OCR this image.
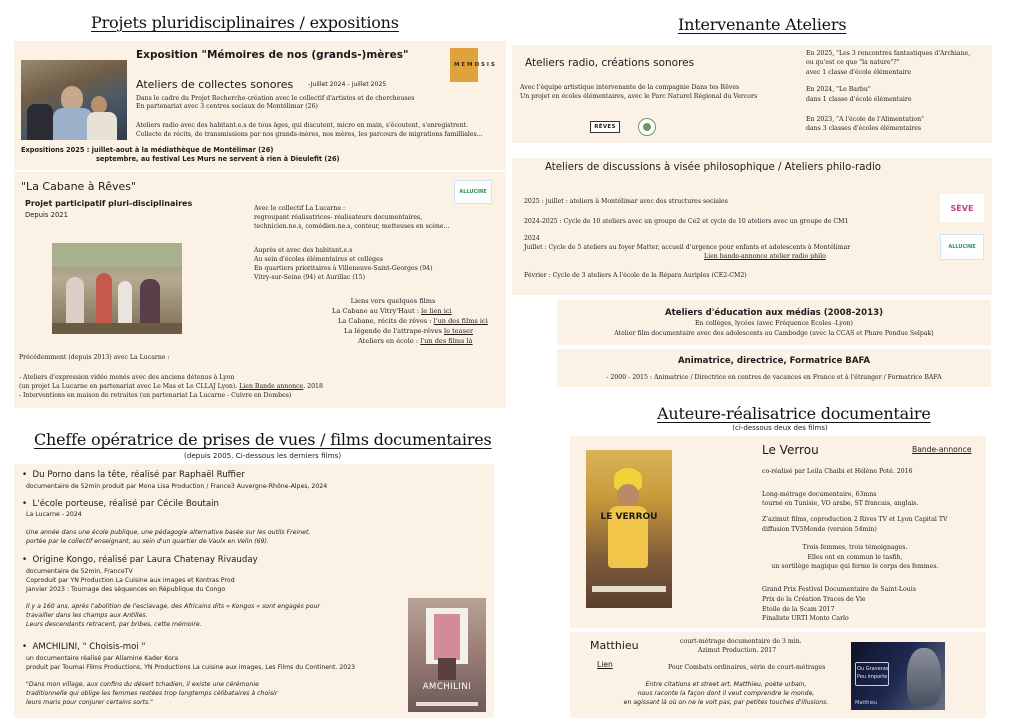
Projets pluridisciplinaires / expositions
Exposition "Mémoires de nos (grands-)mères"
M E M O S I S
Ateliers de collectes sonores -Juillet 2024 - juillet 2025
Dans le cadre du Projet Recherche-création avec le collectif d'artistes et de chercheuses
En partenariat avec 3 centres sociaux de Montélimar (26)
Ateliers radio avec des habitant.e.s de tous âges, qui discutent, micro en main, s'écoutent, s'enregistrent.
Collecte de récits, de transmissions par nos grands-mères, nos mères, les parcours de migrations familliales...
Expositions 2025 : juillet-aout à la médiathèque de Montélimar (26)
septembre, au festival Les Murs ne servent à rien à Dieulefit (26)
"La Cabane à Rêves"	ALLUCINE
Projet participatif pluri-disciplinaires
Depuis 2021
Avec le collectif La Lucarne :
regroupant réalisatrices- réalisateurs documentaires,
technicien.ne.s, comédien.ne.s, conteur, metteuses en scène...
Auprès et avec des habitant.e.s
Au sein d'écoles élémentaires et collèges
En quartiers prioritaires à Villeneuve-Saint-Georges (94)
Vitry-sur-Seine (94) et Aurillac (15)
Liens vers quelques films
La Cabane au Vitry'Haut : le lien ici
La Cabane, récits de rêves : l'un des films ici
La légende de l'attrape-rêves le teaser
Ateliers en école : l'un des films là
Précédemment (depuis 2013) avec La Lucarne :
- Ateliers d'expression vidéo menés avec des anciens détenus à Lyon
(un projet La Lucarne en partenariat avec Le Mas et Le CLLAJ Lyon). Lien Bande annonce. 2018
- Interventions en maison de retraites (un partenariat La Lucarne - Cuivre en Dombes)
Cheffe opératrice de prises de vues / films documentaires
(depuis 2005. Ci-dessous les derniers films)
•  Du Porno dans la tête, réalisé par Raphaël Ruffier
documentaire de 52min produit par Mona Lisa Production / France3 Auvergne-Rhône-Alpes, 2024
•  L'école porteuse, réalisé par Cécile Boutain
La Lucarne - 2024
Une année dans une école publique, une pédagogie alternative basée sur les outils Freinet,
portée par le collectif enseignant, au sein d'un quartier de Vaulx en Velin (69).
•  Origine Kongo, réalisé par Laura Chatenay Rivauday
documentaire de 52min, FranceTV
Coproduit par YN Production La Cuisine aux images et Kontras Prod
Janvier 2023 : Tournage des séquences en République du Congo
Il y a 160 ans, après l'abolition de l'esclavage, des Africains dits « Kongos » sont engagés pour
travailler dans les champs aux Antilles.
Leurs descendants retracent, par bribes, cette mémoire.
•  AMCHILINI, " Choisis-moi "
un documentaire réalisé par Allamine Kader Kora
produit par Toumai Films Productions, YN Productions La cuisine aux images, Les Films du Continent. 2023
"Dans mon village, aux confins du désert tchadien, il existe une cérémonie
traditionnelle qui oblige les femmes restées trop longtemps célibataires à choisir
leurs maris pour conjurer certains sorts."
AMCHILINI
Intervenante Ateliers
Ateliers radio, créations sonores
Avec l'équipe artistique intervenante de la compagnie Dans tes Rêves
Un projet en écoles élémentaires, avec le Parc Naturel Régional du Vercors
RÊVES
En 2025, "Les 3 rencontres fantastiques d'Archiane,
ou qu'est ce que "la nature"?"
avec 1 classe d'école élémentaire
En 2024, "Le Barbu"
dans 1 classe d'école élémentaire
En 2023, "A l'école de l'Alimentation"
dans 3 classes d'écoles élémentaires
Ateliers de discussions à visée philosophique / Ateliers philo-radio
SÈVE
ALLUCINE
2025 : juillet : ateliers à Montélimar avec des structures sociales
2024-2025 : Cycle de 10 ateliers avec un groupe de Ce2 et cycle de 10 ateliers avec un groupe de CM1
2024
Juillet : Cycle de 5 ateliers au foyer Matter, accueil d'urgence pour enfants et adolescents à Montélimar
Lien bande-annonce atelier radio philo
Février : Cycle de 3 ateliers A l'école de la Répara Auriples (CE2-CM2)
Ateliers d'éducation aux médias (2008-2013)
En collèges, lycées (avec Fréquence Ecoles -Lyon)
Atelier film documentaire avec des adolescents au Cambodge (avec la CCAS et Phare Pondue Selpak)
Animatrice, directrice, Formatrice BAFA
- 2000 - 2015 : Animatrice / Directrice en centres de vacances en France et à l'étranger / Formatrice BAFA
Auteure-réalisatrice documentaire
(ci-dessous deux des films)
LE VERROU
Le Verrou	Bande-annonce
co-réalisé par Leila Chaibi et Hélène Poté. 2016
Long-métrage documentaire, 63mns
tourné en Tunisie, VO arabe, ST francais, anglais.
Z'azimut films, coproduction 2 Rives TV et Lyon Capital TV
diffusion TV5Monde (version 54min)
Trois femmes, trois témoignages.
Elles ont en commun le tasfih,
un sortilège magique qui ferme le corps des femmes.
Grand Prix Festival Documentaire de Saint-Louis
Prix de la Création Traces de Vie
Etoile de la Scam 2017
Finaliste URTI Monte Carlo
Matthieu
Lien
court-métrage documentaire de 3 min.
Azimut Production. 2017
Pour Combats ordinaires, série de court-métrages
Entre citations et street art, Matthieu, poète urbain,
nous raconte la façon dont il veut comprendre le monde,
en agissant là où on ne le voit pas, par petites touches d'illusions.
Ou Graveras
Peu importe
Matthieu
